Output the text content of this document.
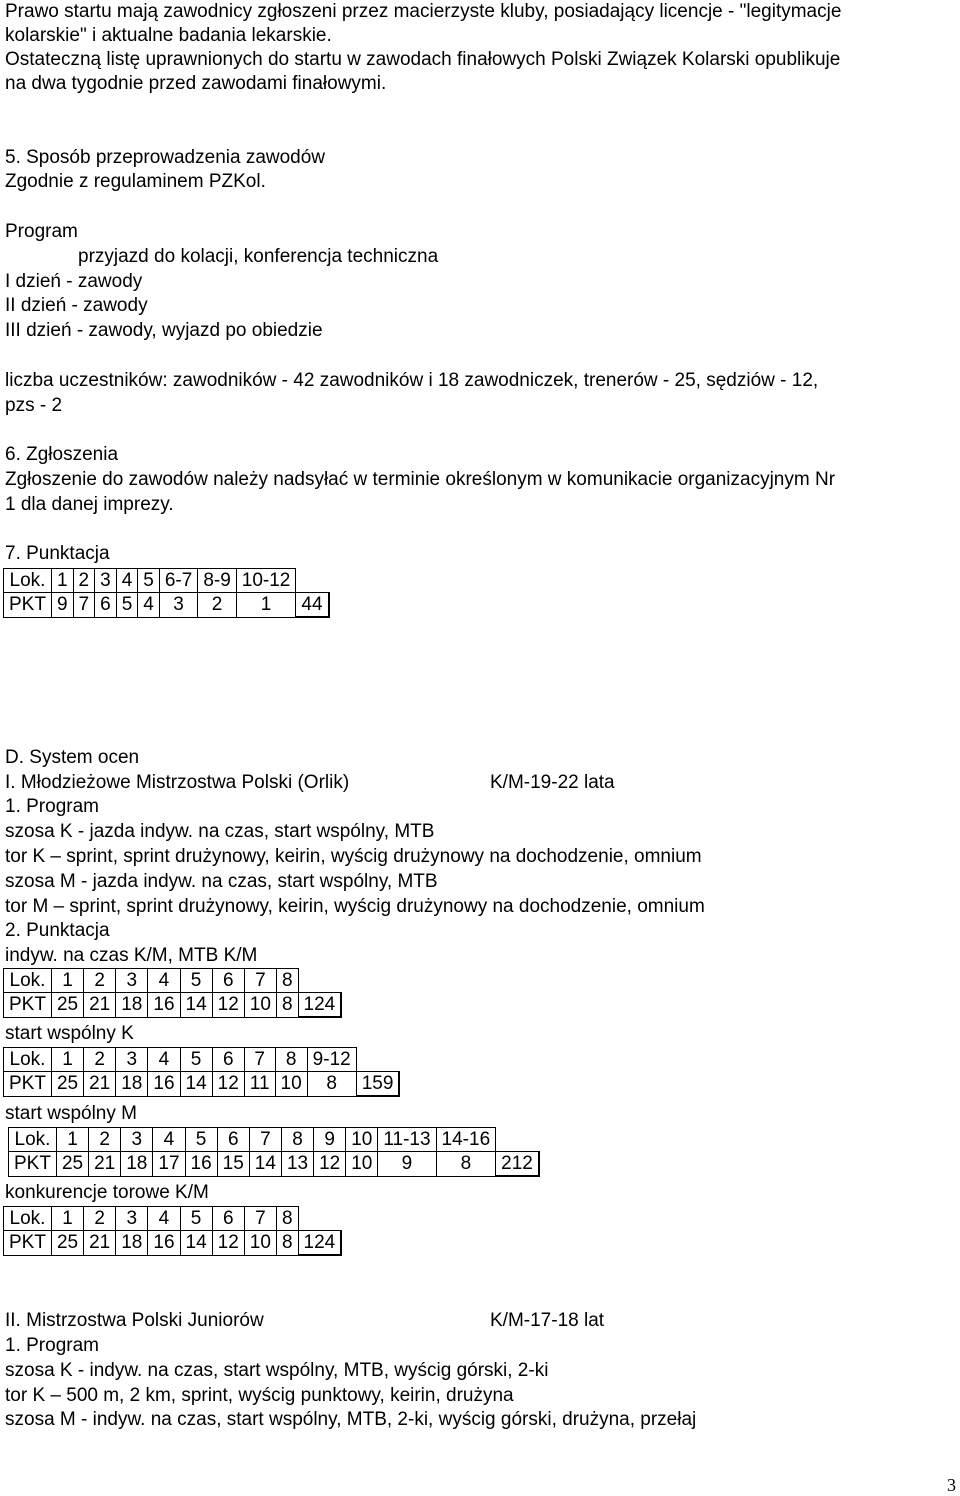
Prawo startu mają zawodnicy zgłoszeni przez macierzyste kluby, posiadający licencje - "legitymacje
kolarskie" i aktualne badania lekarskie.
Ostateczną listę uprawnionych do startu w zawodach finałowych Polski Związek Kolarski opublikuje
na dwa tygodnie przed zawodami finałowymi.
5. Sposób przeprowadzenia zawodów
Zgodnie z regulaminem PZKol.
Program
przyjazd do kolacji, konferencja techniczna
I dzień - zawody
II dzień - zawody
III dzień - zawody, wyjazd po obiedzie
liczba uczestników: zawodników - 42 zawodników i 18 zawodniczek, trenerów - 25, sędziów - 12,
pzs - 2
6. Zgłoszenia
Zgłoszenie do zawodów należy nadsyłać w terminie określonym w komunikacie organizacyjnym Nr
1 dla danej imprezy.
7. Punktacja
Lok.	1	2	3	4	5	6-7	8-9	10-12	
PKT	9	7	6	5	4	3	2	1	44
D. System ocen
I. Młodzieżowe Mistrzostwa Polski (Orlik)	K/M-19-22 lata
1. Program
szosa K - jazda indyw. na czas, start wspólny, MTB
tor K – sprint, sprint drużynowy, keirin, wyścig drużynowy na dochodzenie, omnium
szosa M - jazda indyw. na czas, start wspólny, MTB
tor M – sprint, sprint drużynowy, keirin, wyścig drużynowy na dochodzenie, omnium
2. Punktacja
indyw. na czas K/M, MTB K/M
Lok.	1	2	3	4	5	6	7	8	
PKT	25	21	18	16	14	12	10	8	124
start wspólny K
Lok.	1	2	3	4	5	6	7	8	9-12	
PKT	25	21	18	16	14	12	11	10	8	159
start wspólny M
Lok.	1	2	3	4	5	6	7	8	9	10	11-13	14-16	
PKT	25	21	18	17	16	15	14	13	12	10	9	8	212
konkurencje torowe K/M
Lok.	1	2	3	4	5	6	7	8	
PKT	25	21	18	16	14	12	10	8	124
II. Mistrzostwa Polski Juniorów	K/M-17-18 lat
1. Program
szosa K - indyw. na czas, start wspólny, MTB, wyścig górski, 2-ki
tor K – 500 m, 2 km, sprint, wyścig punktowy, keirin, drużyna
szosa M - indyw. na czas, start wspólny, MTB, 2-ki, wyścig górski, drużyna, przełaj
3
